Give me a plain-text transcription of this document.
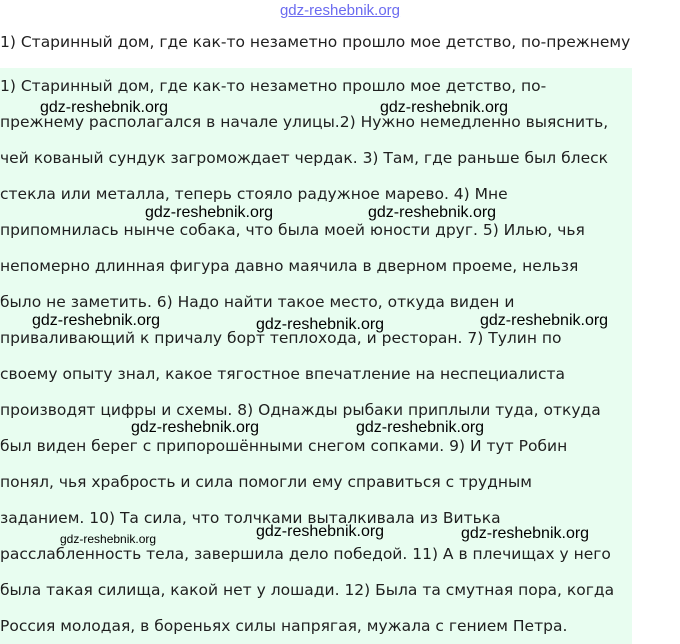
gdz-reshebnik.org
1) Старинный дом, где как-то незаметно прошло мое детство, по-прежнему
1) Старинный дом, где как-то незаметно прошло мое детство, по-
прежнему располагался в начале улицы.2) Нужно немедленно выяснить,
чей кованый сундук загромождает чердак. 3) Там, где раньше был блеск
стекла или металла, теперь стояло радужное марево. 4) Мне
припомнилась нынче собака, что была моей юности друг. 5) Илью, чья
непомерно длинная фигура давно маячила в дверном проеме, нельзя
было не заметить. 6) Надо найти такое место, откуда виден и
приваливающий к причалу борт теплохода, и ресторан. 7) Тулин по
своему опыту знал, какое тягостное впечатление на неспециалиста
производят цифры и схемы. 8) Однажды рыбаки приплыли туда, откуда
был виден берег с припорошёнными снегом сопками. 9) И тут Робин
понял, чья храбрость и сила помогли ему справиться с трудным
заданием. 10) Та сила, что толчками выталкивала из Витька
расслабленность тела, завершила дело победой. 11) А в плечищах у него
была такая силища, какой нет у лошади. 12) Была та смутная пора, когда
Россия молодая, в бореньях силы напрягая, мужала с гением Петра.
gdz-reshebnik.org	gdz-reshebnik.org
gdz-reshebnik.org	gdz-reshebnik.org
gdz-reshebnik.org	gdz-reshebnik.org	gdz-reshebnik.org
gdz-reshebnik.org	gdz-reshebnik.org
gdz-reshebnik.org	gdz-reshebnik.org	gdz-reshebnik.org
